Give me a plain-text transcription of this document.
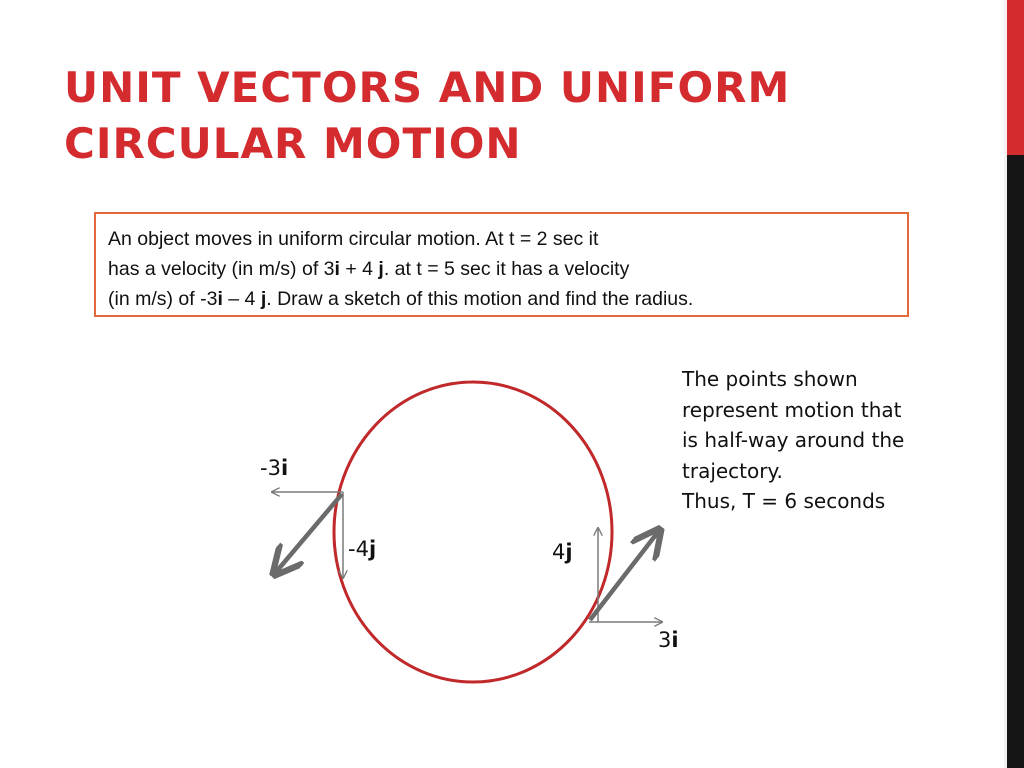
UNIT VECTORS AND UNIFORM
CIRCULAR MOTION
An object moves in uniform circular motion. At t = 2 sec it
has a velocity (in m/s) of 3i + 4 j. at t = 5 sec it has a velocity
(in m/s) of -3i – 4 j. Draw a sketch of this motion and find the radius.
The points shown
represent motion that
is half-way around the
trajectory.
Thus, T = 6 seconds
-3i
-4j	4j
3i
